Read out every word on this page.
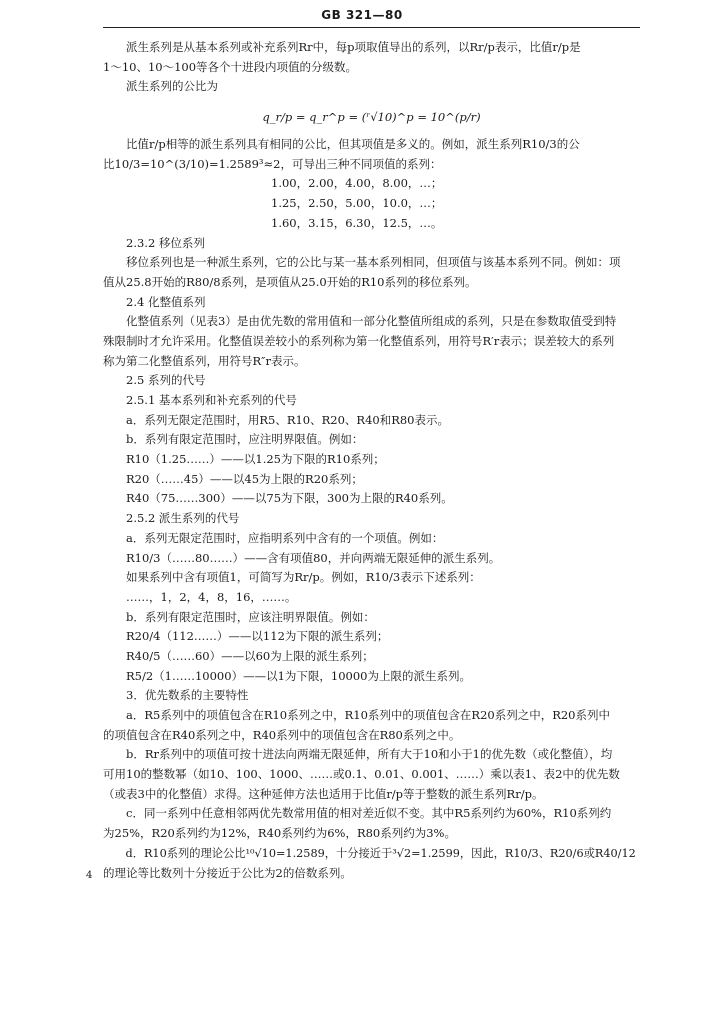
GB 321—80
　　派生系列是从基本系列或补充系列Rr中，每p项取值导出的系列，以Rr/p表示，比值r/p是
1～10、10～100等各个十进段内项值的分级数。
　　派生系列的公比为
q_r/p = q_r^p = (ʳ√10)^p = 10^(p/r)
　　比值r/p相等的派生系列具有相同的公比，但其项值是多义的。例如，派生系列R10/3的公
比10/3=10^(3/10)=1.2589³≈2，可导出三种不同项值的系列：
1.00，2.00，4.00，8.00，…；
1.25，2.50，5.00，10.0，…；
1.60，3.15，6.30，12.5，…。
　　2.3.2 移位系列
　　移位系列也是一种派生系列，它的公比与某一基本系列相同，但项值与该基本系列不同。例如：项
值从25.8开始的R80/8系列，是项值从25.0开始的R10系列的移位系列。
　　2.4 化整值系列
　　化整值系列（见表3）是由优先数的常用值和一部分化整值所组成的系列，只是在参数取值受到特
殊限制时才允许采用。化整值误差较小的系列称为第一化整值系列，用符号R′r表示；误差较大的系列
称为第二化整值系列，用符号R″r表示。
　　2.5 系列的代号
　　2.5.1 基本系列和补充系列的代号
　　a．系列无限定范围时，用R5、R10、R20、R40和R80表示。
　　b．系列有限定范围时，应注明界限值。例如：
　　R10（1.25……）——以1.25为下限的R10系列；
　　R20（……45）——以45为上限的R20系列；
　　R40（75……300）——以75为下限，300为上限的R40系列。
　　2.5.2 派生系列的代号
　　a．系列无限定范围时，应指明系列中含有的一个项值。例如：
　　R10/3（……80……）——含有项值80，并向两端无限延伸的派生系列。
　　如果系列中含有项值1，可简写为Rr/p。例如，R10/3表示下述系列：
　　……，1，2，4，8，16，……。
　　b．系列有限定范围时，应该注明界限值。例如：
　　R20/4（112……）——以112为下限的派生系列；
　　R40/5（……60）——以60为上限的派生系列；
　　R5/2（1……10000）——以1为下限，10000为上限的派生系列。
　　3．优先数系的主要特性
　　a．R5系列中的项值包含在R10系列之中，R10系列中的项值包含在R20系列之中，R20系列中
的项值包含在R40系列之中，R40系列中的项值包含在R80系列之中。
　　b．Rr系列中的项值可按十进法向两端无限延伸，所有大于10和小于1的优先数（或化整值），均
可用10的整数幂（如10、100、1000、……或0.1、0.01、0.001、……）乘以表1、表2中的优先数
（或表3中的化整值）求得。这种延伸方法也适用于比值r/p等于整数的派生系列Rr/p。
　　c．同一系列中任意相邻两优先数常用值的相对差近似不变。其中R5系列约为60%，R10系列约
为25%，R20系列约为12%，R40系列约为6%，R80系列约为3%。
　　d．R10系列的理论公比¹⁰√10=1.2589，十分接近于³√2=1.2599，因此，R10/3、R20/6或R40/12
的理论等比数列十分接近于公比为2的倍数系列。
4
